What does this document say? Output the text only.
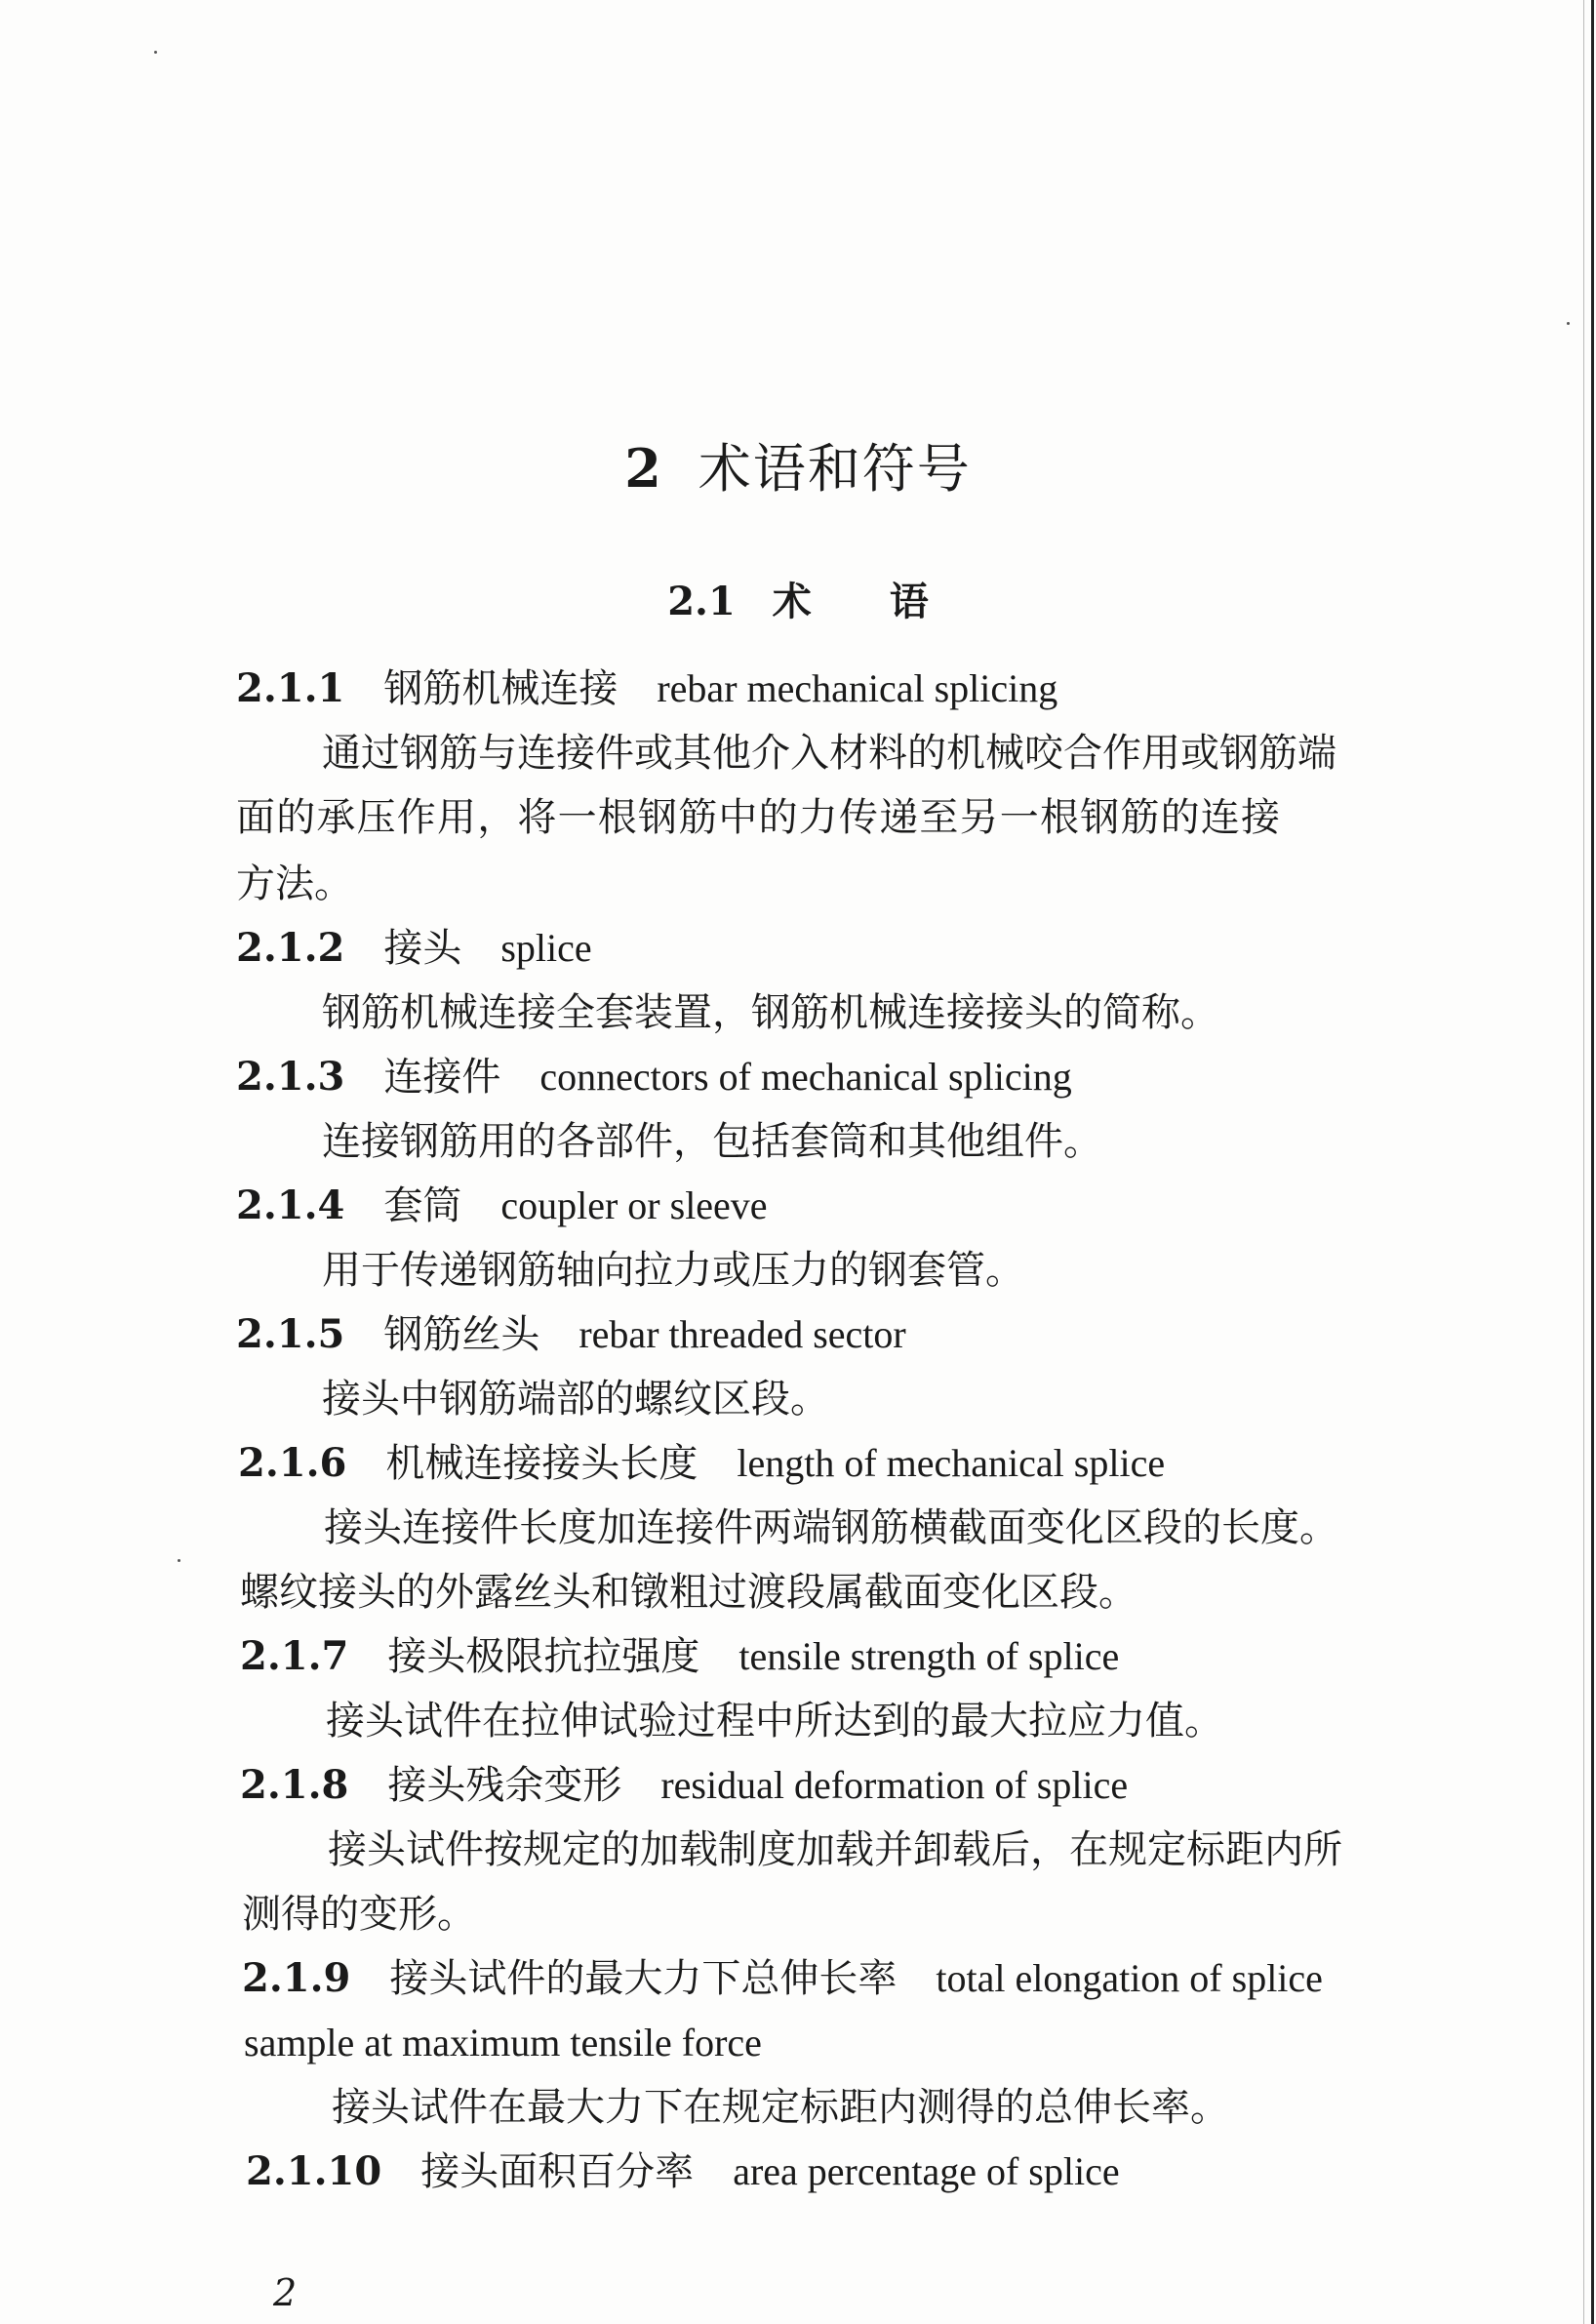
2 术语和符号
2.1 术 语
2.1.1 钢筋机械连接 rebar mechanical splicing
通过钢筋与连接件或其他介入材料的机械咬合作用或钢筋端
面的承压作用，将一根钢筋中的力传递至另一根钢筋的连接
方法。
2.1.2 接头 splice
钢筋机械连接全套装置，钢筋机械连接接头的简称。
2.1.3 连接件 connectors of mechanical splicing
连接钢筋用的各部件，包括套筒和其他组件。
2.1.4 套筒 coupler or sleeve
用于传递钢筋轴向拉力或压力的钢套管。
2.1.5 钢筋丝头 rebar threaded sector
接头中钢筋端部的螺纹区段。
2.1.6 机械连接接头长度 length of mechanical splice
接头连接件长度加连接件两端钢筋横截面变化区段的长度。
螺纹接头的外露丝头和镦粗过渡段属截面变化区段。
2.1.7 接头极限抗拉强度 tensile strength of splice
接头试件在拉伸试验过程中所达到的最大拉应力值。
2.1.8 接头残余变形 residual deformation of splice
接头试件按规定的加载制度加载并卸载后，在规定标距内所
测得的变形。
2.1.9 接头试件的最大力下总伸长率 total elongation of splice
sample at maximum tensile force
接头试件在最大力下在规定标距内测得的总伸长率。
2.1.10 接头面积百分率 area percentage of splice
2
